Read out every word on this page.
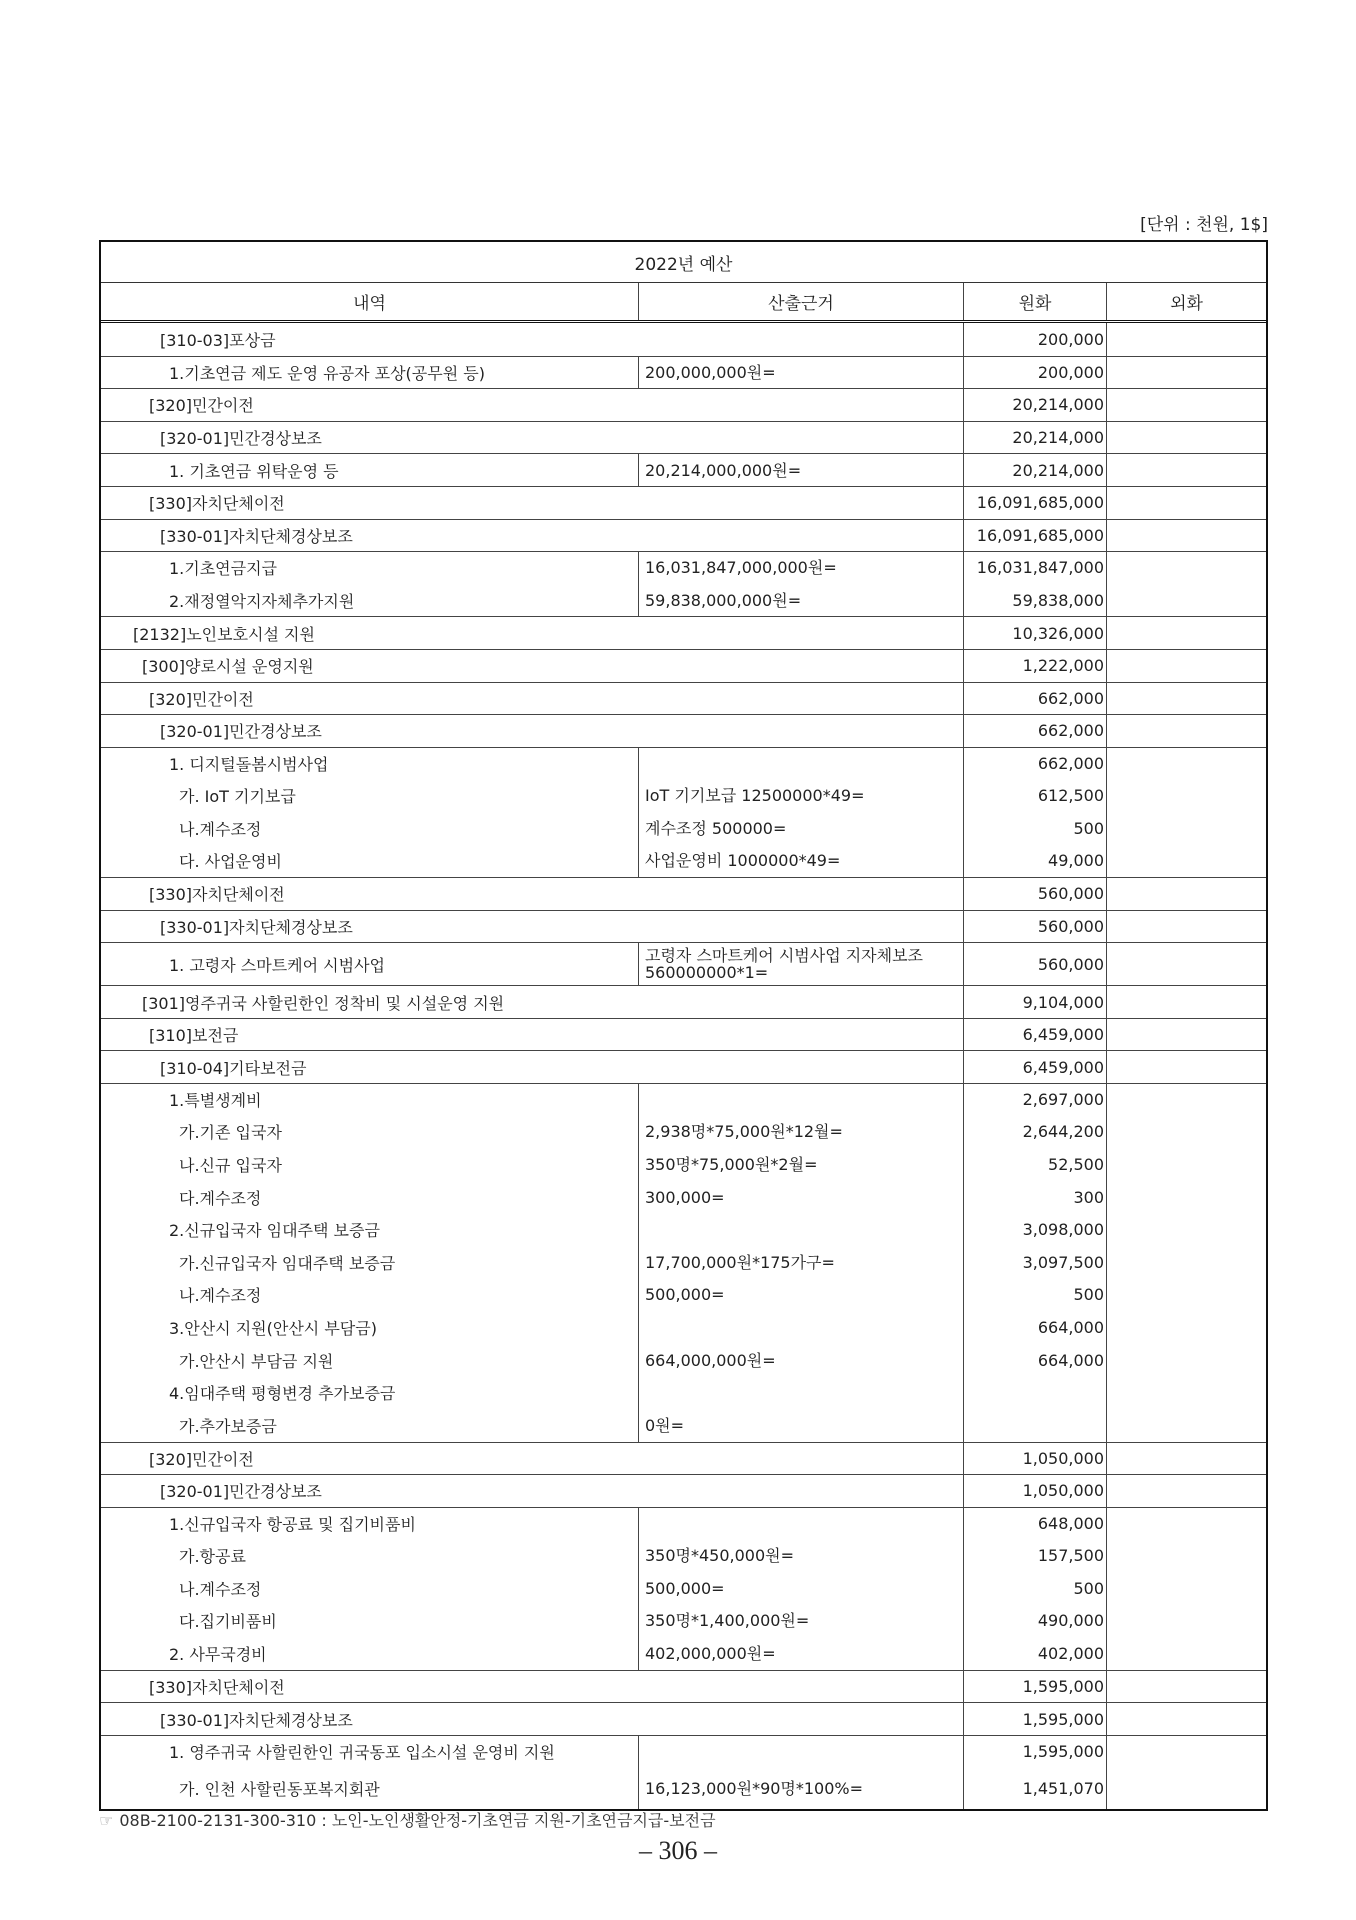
[단위 : 천원, 1$]
2022년 예산
내역	산출근거	원화	외화
[310-03]포상금	200,000
1.기초연금 제도 운영 유공자 포상(공무원 등)	200,000,000원=	200,000
[320]민간이전	20,214,000
[320-01]민간경상보조	20,214,000
1. 기초연금 위탁운영 등	20,214,000,000원=	20,214,000
[330]자치단체이전	16,091,685,000
[330-01]자치단체경상보조	16,091,685,000
1.기초연금지급	16,031,847,000,000원=	16,031,847,000
2.재정열악지자체추가지원	59,838,000,000원=	59,838,000
[2132]노인보호시설 지원	10,326,000
[300]양로시설 운영지원	1,222,000
[320]민간이전	662,000
[320-01]민간경상보조	662,000
1. 디지털돌봄시범사업	662,000
가. IoT 기기보급	IoT 기기보급 12500000*49=	612,500
나.계수조정	계수조정 500000=	500
다. 사업운영비	사업운영비 1000000*49=	49,000
[330]자치단체이전	560,000
[330-01]자치단체경상보조	560,000
1. 고령자 스마트케어 시범사업	고령자 스마트케어 시범사업 지자체보조 560000000*1=	560,000
[301]영주귀국 사할린한인 정착비 및 시설운영 지원	9,104,000
[310]보전금	6,459,000
[310-04]기타보전금	6,459,000
1.특별생계비	2,697,000
가.기존 입국자	2,938명*75,000원*12월=	2,644,200
나.신규 입국자	350명*75,000원*2월=	52,500
다.계수조정	300,000=	300
2.신규입국자 임대주택 보증금	3,098,000
가.신규입국자 임대주택 보증금	17,700,000원*175가구=	3,097,500
나.계수조정	500,000=	500
3.안산시 지원(안산시 부담금)	664,000
가.안산시 부담금 지원	664,000,000원=	664,000
4.임대주택 평형변경 추가보증금
가.추가보증금	0원=
[320]민간이전	1,050,000
[320-01]민간경상보조	1,050,000
1.신규입국자 항공료 및 집기비품비	648,000
가.항공료	350명*450,000원=	157,500
나.계수조정	500,000=	500
다.집기비품비	350명*1,400,000원=	490,000
2. 사무국경비	402,000,000원=	402,000
[330]자치단체이전	1,595,000
[330-01]자치단체경상보조	1,595,000
1. 영주귀국 사할린한인 귀국동포 입소시설 운영비 지원	1,595,000
가. 인천 사할린동포복지회관	16,123,000원*90명*100%=	1,451,070
☞ 08B-2100-2131-300-310 : 노인-노인생활안정-기초연금 지원-기초연금지급-보전금
– 306 –
